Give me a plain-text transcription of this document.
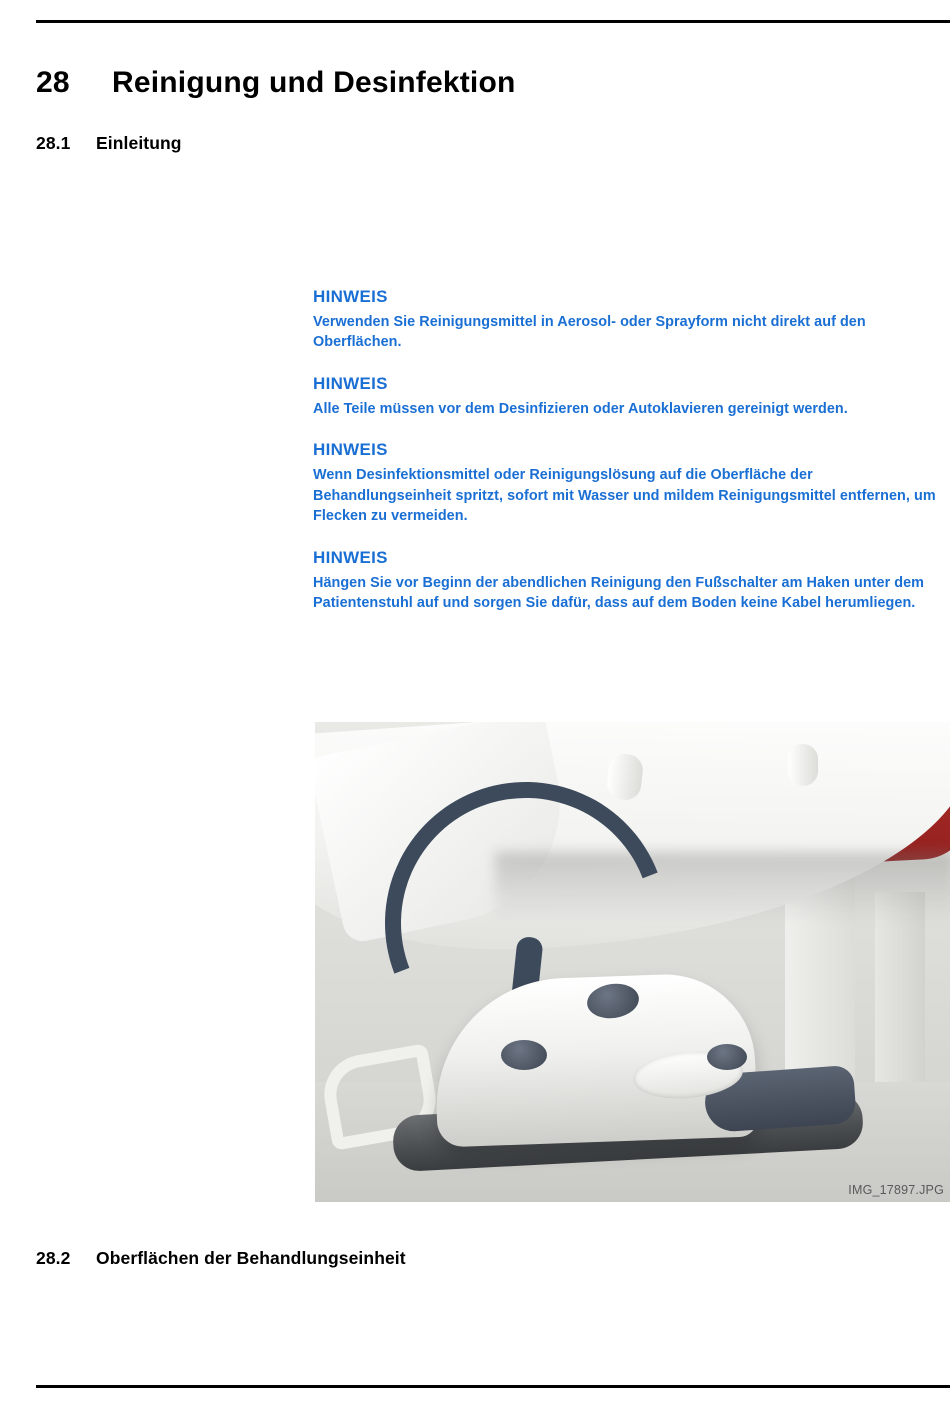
28 Reinigung und Desinfektion
28.1 Einleitung

HINWEIS

Verwenden Sie Reinigungsmittel in Aerosol- oder Sprayform nicht direkt auf den Oberflächen.

HINWEIS

Alle Teile müssen vor dem Desinfizieren oder Autoklavieren gereinigt werden.

HINWEIS

Wenn Desinfektionsmittel oder Reinigungslösung auf die Oberfläche der Behandlungseinheit spritzt, sofort mit Wasser und mildem Reinigungsmittel entfernen, um Flecken zu vermeiden.

HINWEIS

Hängen Sie vor Beginn der abendlichen Reinigung den Fußschalter am Haken unter dem Patientenstuhl auf und sorgen Sie dafür, dass auf dem Boden keine Kabel herumliegen.

IMG_17897.JPG
28.2 Oberflächen der Behandlungseinheit
